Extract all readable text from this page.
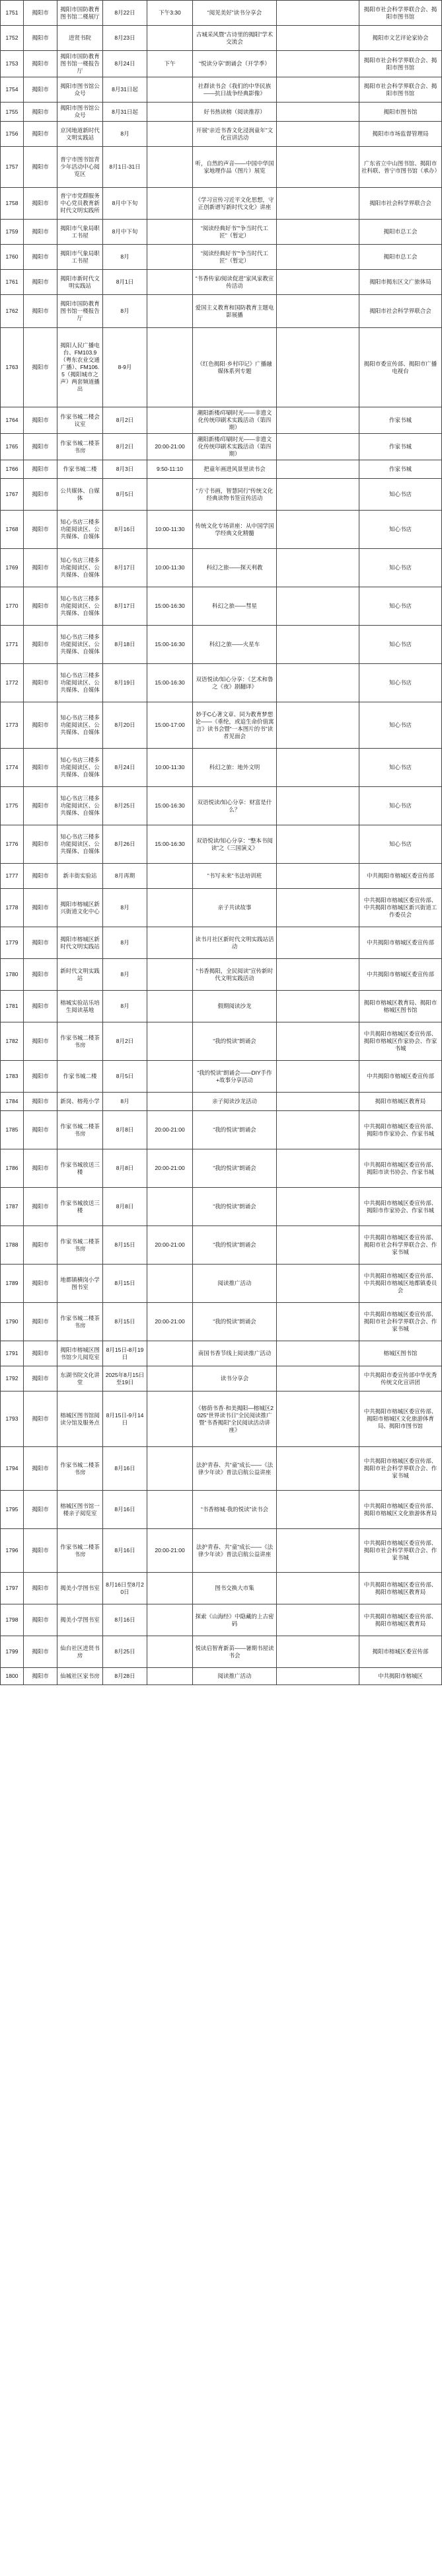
1751	揭阳市	揭阳市国防教育图书馆二楼展厅	8月22日	下午3:30	“阅见美好”读书分享会		揭阳市社会科学界联合会、揭阳市图书馆	
1752	揭阳市	进贤书院	8月23日		古城采风暨“古诗里的揭阳”学术交流会		揭阳市文艺评论家协会	
1753	揭阳市	揭阳市国防教育图书馆一楼报告厅	8月24日	下午	“悦读分享”朗诵会（开学季）		揭阳市社会科学界联合会、揭阳市图书馆	
1754	揭阳市	揭阳市图书馆公众号	8月31日起		社群读书会《我们的中华民族——抗日战争经典影像》		揭阳市社会科学界联合会、揭阳市图书馆	
1755	揭阳市	揭阳市图书馆公众号	8月31日起		好书热读榜（阅读推荐）		揭阳市图书馆	
1756	揭阳市	京冈地道新时代文明实践站	8月		开展“亲近书香文化浸润童年”文化宣讲活动		揭阳市市场监督管理局	
1757	揭阳市	普宁市图书馆青少年活动中心阅览区	8月1日-31日		听，自然的声音——中国中华国家地理作品（图片）展览		广东省立中山图书馆、揭阳市社科联、普宁市图书馆（承办）	
1758	揭阳市	普宁市党群服务中心党员教育新时代文明实践所	8月中下旬		《学习宣传习近平文化思想，守正创新谱写新时代文化》讲座		揭阳市社会科学界联合会	
1759	揭阳市	揭阳市气象局职工书屋	8月中下旬		“阅读经典好书”“争当时代工匠”（暂定）		揭阳市总工会	
1760	揭阳市	揭阳市气象局职工书屋	8月		“阅读经典好书”“争当时代工匠”（暂定）		揭阳市总工会	
1761	揭阳市	揭阳市新时代文明实践站	8月1日		“书香传家/阅读促进”家风家教宣传活动		揭阳市揭东区文广旅体局	
1762	揭阳市	揭阳市国防教育图书馆一楼报告厅	8月		爱国主义教育和国防教育主题电影展播		揭阳市社会科学界联合会	
1763	揭阳市	揭阳人民广播电台、FM103.9（粤东农业交通广播）、FM106.5（揭阳城市之声）两套频道播出	8-9月		《红色揭阳·乡村印记》广播融媒体系列专题		揭阳市委宣传部、揭阳市广播电视台	
1764	揭阳市	作家书城二楼会议室	8月2日		潮阳新楼/印刷时光——非遗文化传统印刷术实践活动（第四期）		作家书城	
1765	揭阳市	作家书城二楼茶书房	8月2日	20:00-21:00	潮阳新楼/印刷时光——非遗文化传统印刷术实践活动（第四期）		作家书城	
1766	揭阳市	作家书城二楼	8月3日	9:50-11:10	把童年画进风景里读书会		作家书城	
1767	揭阳市	公共媒体、自媒体	8月5日		“方寸书画，智慧同行”传统文化经典读物书签宣传活动		知心书店	
1768	揭阳市	知心书店三楼多功能阅读区、公共媒体、自媒体	8月16日	10:00-11:30	传统文化专场讲座：从中国学国学经典文化精髓		知心书店	
1769	揭阳市	知心书店三楼多功能阅读区、公共媒体、自媒体	8月17日	10:00-11:30	科幻之旅——探天利教		知心书店	
1770	揭阳市	知心书店三楼多功能阅读区、公共媒体、自媒体	8月17日	15:00-16:30	科幻之旅——彗星		知心书店	
1771	揭阳市	知心书店三楼多功能阅读区、公共媒体、自媒体	8月18日	15:00-16:30	科幻之旅——火星车		知心书店	
1772	揭阳市	知心书店三楼多功能阅读区、公共媒体、自媒体	8月19日	15:00-16:30	双语悦读/知心分享：《艺术和鲁之《夜》剧翻译》		知心书店	
1773	揭阳市	知心书店三楼多功能阅读区、公共媒体、自媒体	8月20日	15:00-17:00	妙手C心著文章、同为教育梦想论——《垂纶，或追生命价值寓言》读书会暨“一本图片的书”读者见面会		知心书店	
1774	揭阳市	知心书店三楼多功能阅读区、公共媒体、自媒体	8月24日	10:00-11:30	科幻之旅：地外文明		知心书店	
1775	揭阳市	知心书店三楼多功能阅读区、公共媒体、自媒体	8月25日	15:00-16:30	双语悦读/知心分享：财富是什么？		知心书店	
1776	揭阳市	知心书店三楼多功能阅读区、公共媒体、自媒体	8月26日	15:00-16:30	双语悦读/知心分享：“整本书阅读”之《三国演义》		知心书店	
1777	揭阳市	新丰街实验站	8月再期		“书写未来”书法培训班		中共揭阳市榕城区委宣传部	
1778	揭阳市	揭阳市榕城区新兴街道文化中心	8月		亲子共读故事		中共揭阳市榕城区委宣传部、中共揭阳市榕城区新兴街道工作委员会	
1779	揭阳市	揭阳市榕城区新时代文明实践站	8月		读书月社区新时代文明实践站活动		中共揭阳市榕城区委宣传部	
1780	揭阳市	新时代文明实践站	8月		“书香揭阳，全民阅读”宣传新时代文明实践活动		中共揭阳市榕城区委宣传部	
1781	揭阳市	榕城实验站乐培生阅读基地	8月		假期阅读沙龙		揭阳市榕城区教育局、揭阳市榕城区图书馆	
1782	揭阳市	作家书城二楼茶书房	8月2日		“我的悦读”朗诵会		中共揭阳市榕城区委宣传部、揭阳市榕城区作家协会、作家书城	
1783	揭阳市	作家书城二楼	8月5日		“我的悦读”朗诵会——DIY手作+故事分享活动		中共揭阳市榕城区委宣传部	
1784	揭阳市	新岗、榕苑小学	8月		亲子阅读沙龙活动		揭阳市榕城区教育局	
1785	揭阳市	作家书城二楼茶书房	8月8日	20:00-21:00	“我的悦读”朗诵会		中共揭阳市榕城区委宣传部、揭阳市作家协会、作家书城	
1786	揭阳市	作家书城放送三楼	8月8日	20:00-21:00	“我的悦读”朗诵会		中共揭阳市榕城区委宣传部、揭阳市读书协会、作家书城	
1787	揭阳市	作家书城放送三楼	8月8日		“我的悦读”朗诵会		中共揭阳市榕城区委宣传部、揭阳市作家协会、作家书城	
1788	揭阳市	作家书城二楼茶书房	8月15日	20:00-21:00	“我的悦读”朗诵会		中共揭阳市榕城区委宣传部、揭阳市社会科学界联合会、作家书城	
1789	揭阳市	地都镇横岗小学图书室	8月15日		阅读推广活动		中共揭阳市榕城区委宣传部、中共揭阳市榕城区地都镇委员会	
1790	揭阳市	作家书城二楼茶书房	8月15日	20:00-21:00	“我的悦读”朗诵会		中共揭阳市榕城区委宣传部、揭阳市社会科学界联合会、作家书城	
1791	揭阳市	揭阳市榕城区图书馆少儿阅览室	8月15日-8月19日		南国书香节线上阅读推广活动		榕城区图书馆	
1792	揭阳市	东湖书院文化讲堂	2025年8月15日至19日		读书分享会		中共揭阳市委宣传部中华优秀传统文化宣讲团	
1793	揭阳市	榕城区图书馆阅读分馆及服务点	8月15日-9月14日		《榕荫书香·和美揭阳—榕城区2025“世界读书日”全民阅读推广暨“书香揭阳”全民阅读活动讲座》		中共揭阳市榕城区委宣传部、揭阳市榕城区文化旅游体育局、揭阳市图书馆	
1794	揭阳市	作家书城二楼茶书房	8月16日		法护青春、共“童”成长——《法律少年读》普法启航公益讲座		中共揭阳市榕城区委宣传部、揭阳市社会科学界联合会、作家书城	
1795	揭阳市	榕城区图书馆一楼亲子阅览室	8月16日		“书香榕城·我的悦读”读书会		中共揭阳市榕城区委宣传部、揭阳市榕城区文化旅游体育局	
1796	揭阳市	作家书城二楼茶书房	8月16日	20:00-21:00	法护青春、共“童”成长——《法律少年读》普法启航公益讲座		中共揭阳市榕城区委宣传部、揭阳市社会科学界联合会、作家书城	
1797	揭阳市	揭美小学图书室	8月16日至8月20日		图书交换大市集		中共揭阳市榕城区委宣传部、揭阳市榕城区教育局	
1798	揭阳市	揭美小学图书室	8月16日		探索《山海经》中隐藏的上古密码		中共揭阳市榕城区委宣传部、揭阳市榕城区教育局	
1799	揭阳市	仙台社区进贤书房	8月25日		悦读启智育新苗——暑期书屋读书会		揭阳市榕城区委宣传部	
1800	揭阳市	仙城社区家书房	8月28日		阅读推广活动		中共揭阳市榕城区	
